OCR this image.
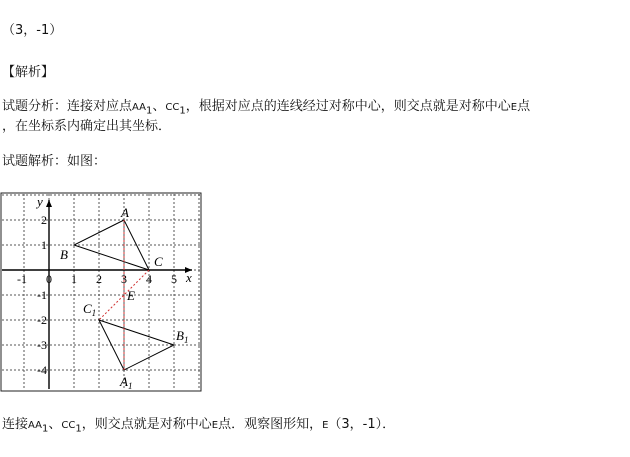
（3，-1）
【解析】
试题分析：连接对应点$AA_1$、$CC_1$，根据对应点的连线经过对称中心，则交点就是对称中心E点
，在坐标系内确定出其坐标．
试题解析：如图：
x
y
-1 0 1 2 3 4 5
2
1
-1
-2
-3
-4
A
B	C
$A_1$
$B_1$
$C_1$
E
连接$AA_1$、$CC_1$，则交点就是对称中心E点．观察图形知，E（3，-1）．
